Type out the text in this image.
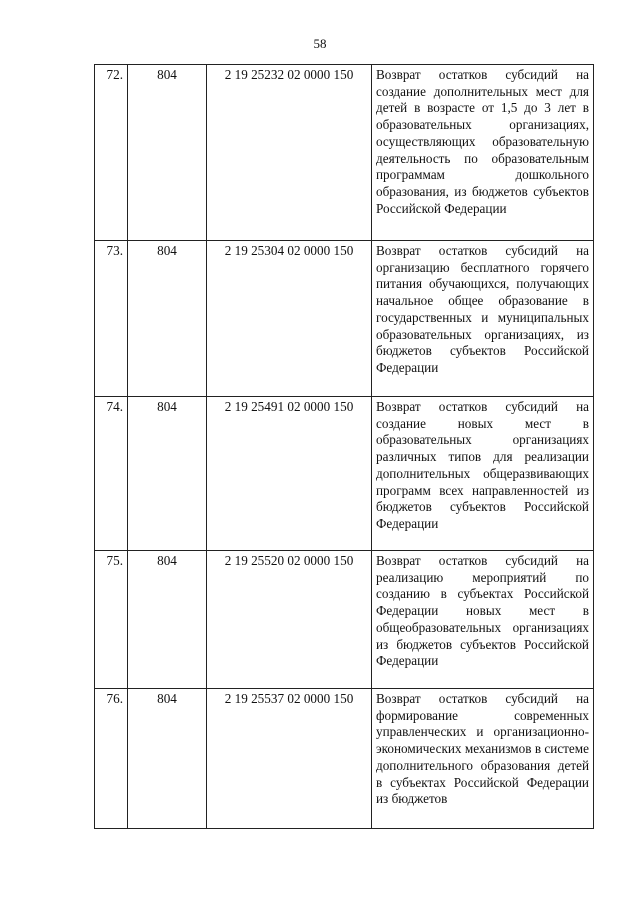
58
72.	804	2 19 25232 02 0000 150	Возврат остатков субсидий на создание дополнительных мест для детей в возрасте от 1,5 до 3 лет в образовательных организациях, осуществляющих образовательную деятельность по образовательным программам дошкольного образования, из бюджетов субъектов Российской Федерации
73.	804	2 19 25304 02 0000 150	Возврат остатков субсидий на организацию бесплатного горячего питания обучающихся, получающих начальное общее образование в государственных и муниципальных образовательных организациях, из бюджетов субъектов Российской Федерации
74.	804	2 19 25491 02 0000 150	Возврат остатков субсидий на создание новых мест в образовательных организациях различных типов для реализации дополнительных общеразвивающих программ всех направленностей из бюджетов субъектов Российской Федерации
75.	804	2 19 25520 02 0000 150	Возврат остатков субсидий на реализацию мероприятий по созданию в субъектах Российской Федерации новых мест в общеобразовательных организациях из бюджетов субъектов Российской Федерации
76.	804	2 19 25537 02 0000 150	Возврат остатков субсидий на формирование современных управленческих и организационно-экономических механизмов в системе дополнительного образования детей в субъектах Российской Федерации из бюджетов
